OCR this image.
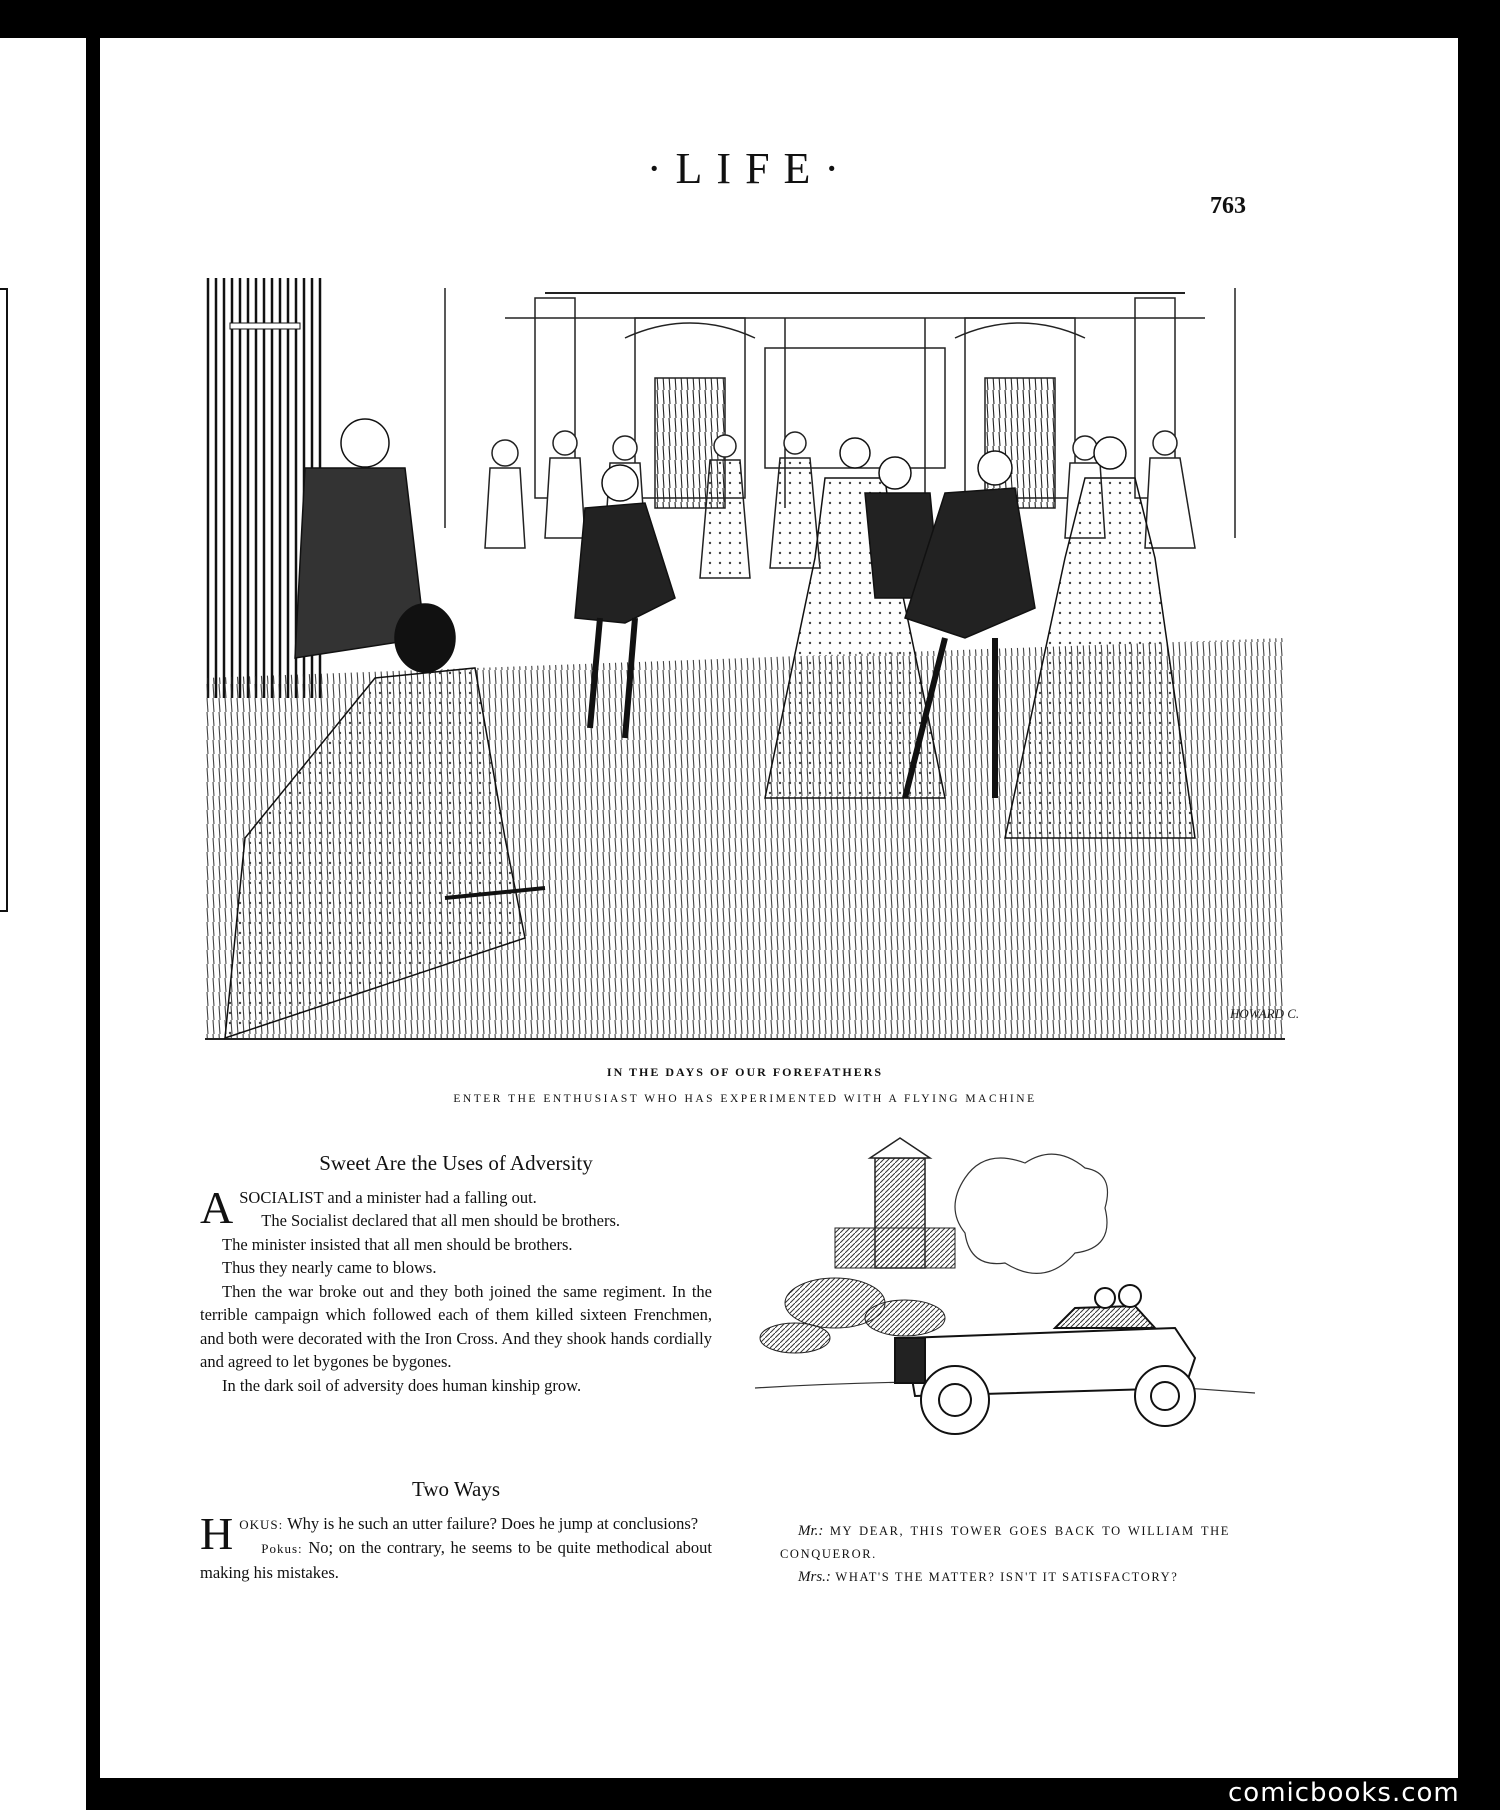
·LIFE·
763
HOWARD C.
IN THE DAYS OF OUR FOREFATHERS
ENTER THE ENTHUSIAST WHO HAS EXPERIMENTED WITH A FLYING MACHINE
Sweet Are the Uses of Adversity

ASOCIALIST and a minister had a falling out.

The Socialist declared that all men should be brothers.

The minister insisted that all men should be brothers.

Thus they nearly came to blows.

Then the war broke out and they both joined the same regiment. In the terrible campaign which followed each of them killed sixteen Frenchmen, and both were decorated with the Iron Cross. And they shook hands cordially and agreed to let bygones be bygones.

In the dark soil of adversity does human kinship grow.

Two Ways

HOKUS: Why is he such an utter failure? Does he jump at conclusions?

Pokus: No; on the contrary, he seems to be quite methodical about making his mistakes.

Mr.: MY DEAR, THIS TOWER GOES BACK TO WILLIAM THE CONQUEROR.

Mrs.: WHAT'S THE MATTER? ISN'T IT SATISFACTORY?

comicbooks.com
